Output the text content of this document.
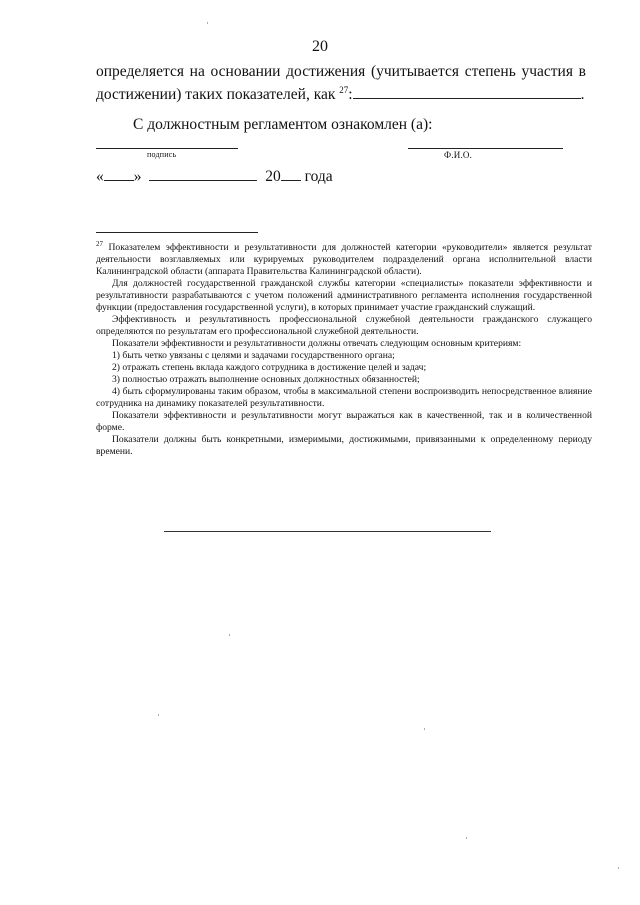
20
определяется на основании достижения (учитывается степень участия в
достижении) таких показателей, как $^{27}$:	.
С должностным регламентом ознакомлен (а):
подпись	Ф.И.О.
« »	20 года

$^{27}$ Показателем эффективности и результативности для должностей категории «руководители» является результат деятельности возглавляемых или курируемых руководителем подразделений органа исполнительной власти Калининградской области (аппарата Правительства Калининградской области).

Для должностей государственной гражданской службы категории «специалисты» показатели эффективности и результативности разрабатываются с учетом положений административного регламента исполнения государственной функции (предоставления государственной услуги), в которых принимает участие гражданский служащий.

Эффективность и результативность профессиональной служебной деятельности гражданского служащего определяются по результатам его профессиональной служебной деятельности.

Показатели эффективности и результативности должны отвечать следующим основным критериям:

1) быть четко увязаны с целями и задачами государственного органа;

2) отражать степень вклада каждого сотрудника в достижение целей и задач;

3) полностью отражать выполнение основных должностных обязанностей;

4) быть сформулированы таким образом, чтобы в максимальной степени воспроизводить непосредственное влияние сотрудника на динамику показателей результативности.

Показатели эффективности и результативности могут выражаться как в качественной, так и в количественной форме.

Показатели должны быть конкретными, измеримыми, достижимыми, привязанными к определенному периоду времени.
